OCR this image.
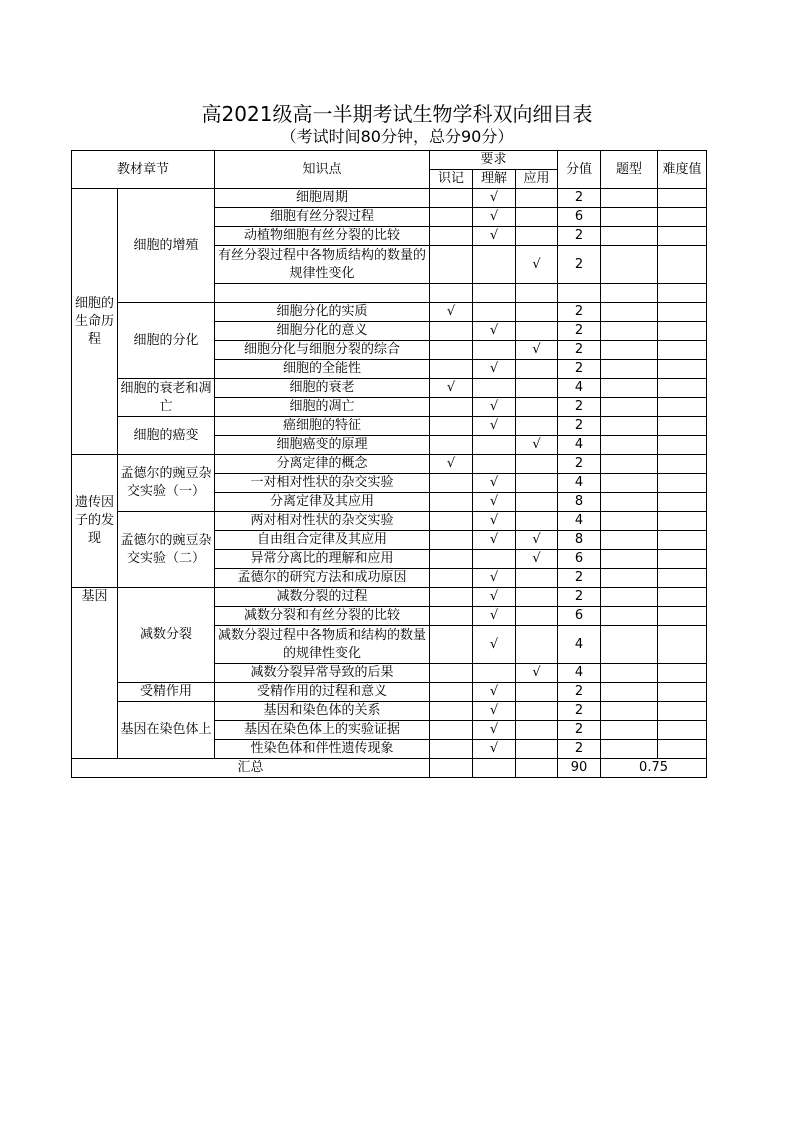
高2021级高一半期考试生物学科双向细目表
（考试时间80分钟，总分90分）
教材章节		知识点	要求			分值	题型	难度值
			识记	理解	应用			
细胞的生命历程	细胞的增殖	细胞周期		√		2		
		细胞有丝分裂过程		√		6		
		动植物细胞有丝分裂的比较		√		2		
		有丝分裂过程中各物质结构的数量的规律性变化			√	2		

	细胞的分化	细胞分化的实质	√			2		
		细胞分化的意义		√		2		
		细胞分化与细胞分裂的综合			√	2		
		细胞的全能性		√		2		
	细胞的衰老和凋亡	细胞的衰老	√			4		
		细胞的凋亡		√		2		
	细胞的癌变	癌细胞的特征		√		2		
		细胞癌变的原理			√	4		
遗传因子的发现	孟德尔的豌豆杂交实验（一）	分离定律的概念	√			2		
		一对相对性状的杂交实验		√		4		
		分离定律及其应用		√		8		
	孟德尔的豌豆杂交实验（二）	两对相对性状的杂交实验		√		4		
		自由组合定律及其应用		√	√	8		
		异常分离比的理解和应用			√	6		
		孟德尔的研究方法和成功原因		√		2		
基因	减数分裂	减数分裂的过程		√		2		
		减数分裂和有丝分裂的比较		√		6		
		减数分裂过程中各物质和结构的数量的规律性变化		√		4		
		减数分裂异常导致的后果			√	4		
	受精作用	受精作用的过程和意义		√		2		
	基因在染色体上	基因和染色体的关系		√		2		
		基因在染色体上的实验证据		√		2		
		性染色体和伴性遗传现象		√		2		
汇总						90	0.75	
